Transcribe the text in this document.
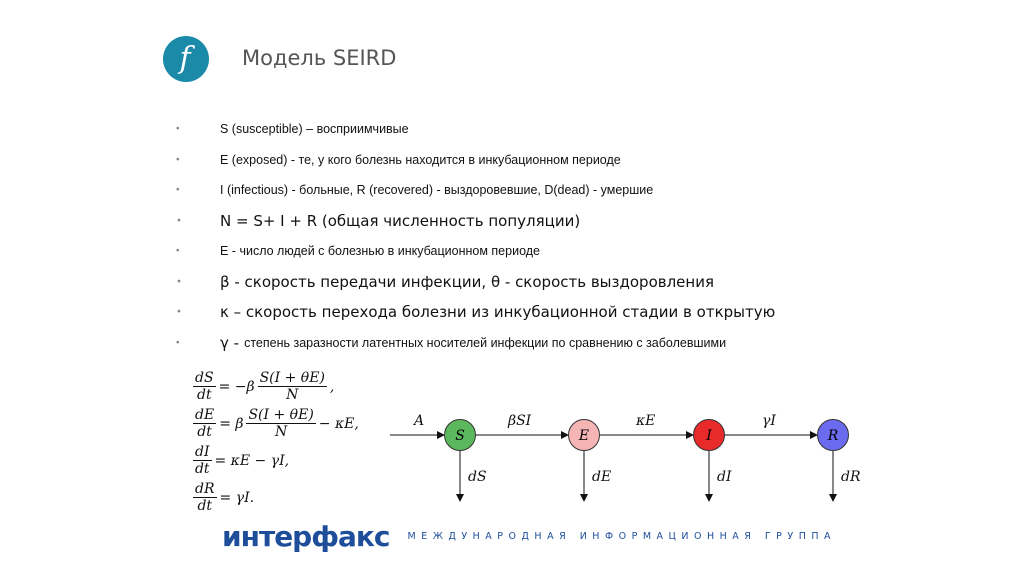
f Модель SEIRD
•	S (susceptible) – восприимчивые
•	E (exposed) - те, у кого болезнь находится в инкубационном периоде
•	I (infectious) - больные, R (recovered) - выздоровевшие, D(dead) - умершие
•	N = S+ I + R (общая численность популяции)
•	E - число людей с болезнью в инкубационном периоде
•	β - скорость передачи инфекции, θ - скорость выздоровления
•	κ – скорость перехода болезни из инкубационной стадии в открытую
•	γ - степень заразности латентных носителей инфекции по сравнению с заболевшими
$\frac{dS}{dt} = -\beta \frac{S(I + \theta E)}{N}$ ,
$\frac{dE}{dt} = \beta \frac{S(I + \theta E)}{N} - \kappa E$,
$\frac{dI}{dt} = \kappa E - \gamma I$,
$\frac{dR}{dt} = \gamma I$.
A	βSI	κE	γI
dS	dE	dI	dR
S	E	I	R
интерфакс МЕЖДУНАРОДНАЯ ИНФОРМАЦИОННАЯ ГРУППА
